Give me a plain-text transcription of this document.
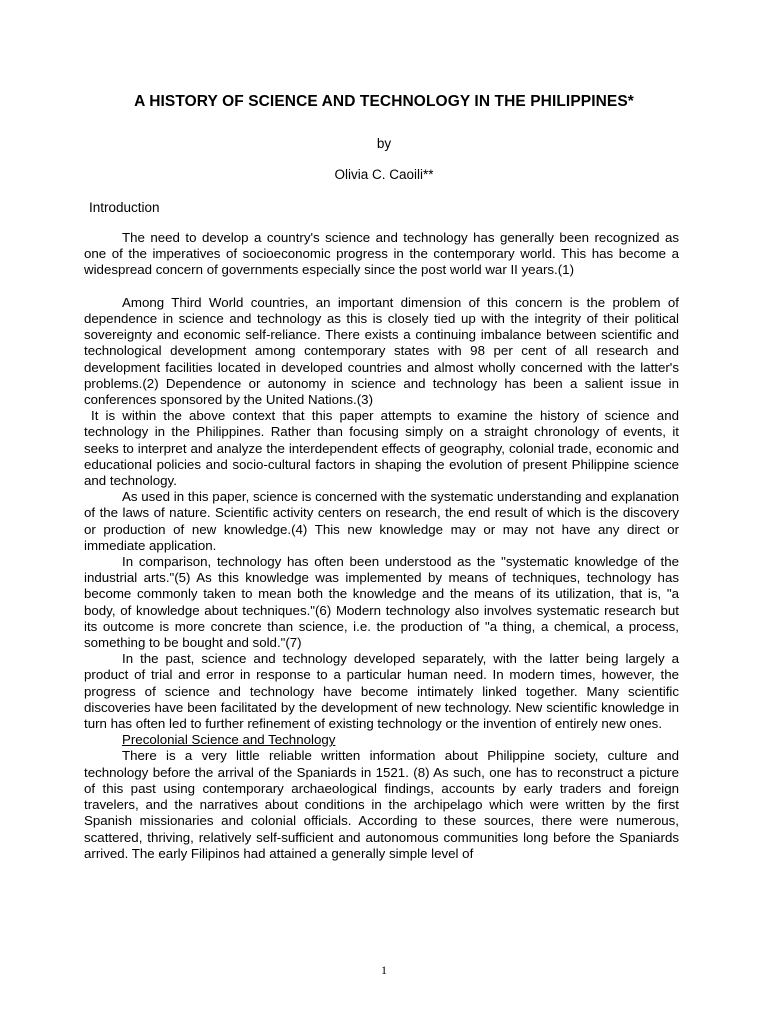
A HISTORY OF SCIENCE AND TECHNOLOGY IN THE PHILIPPINES*
by
Olivia C. Caoili**
Introduction

The need to develop a country's science and technology has generally been recognized as one of the imperatives of socioeconomic progress in the contemporary world. This has become a widespread concern of governments especially since the post world war II years.(1)

Among Third World countries, an important dimension of this concern is the problem of dependence in science and technology as this is closely tied up with the integrity of their political sovereignty and economic self-reliance. There exists a continuing imbalance between scientific and technological development among contemporary states with 98 per cent of all research and development facilities located in developed countries and almost wholly concerned with the latter's problems.(2) Dependence or autonomy in science and technology has been a salient issue in conferences sponsored by the United Nations.(3)

It is within the above context that this paper attempts to examine the history of science and technology in the Philippines. Rather than focusing simply on a straight chronology of events, it seeks to interpret and analyze the interdependent effects of geography, colonial trade, economic and educational policies and socio-cultural factors in shaping the evolution of present Philippine science and technology.

As used in this paper, science is concerned with the systematic understanding and explanation of the laws of nature. Scientific activity centers on research, the end result of which is the discovery or production of new knowledge.(4) This new knowledge may or may not have any direct or immediate application.

In comparison, technology has often been understood as the "systematic knowledge of the industrial arts."(5) As this knowledge was implemented by means of techniques, technology has become commonly taken to mean both the knowledge and the means of its utilization, that is, "a body, of knowledge about techniques."(6) Modern technology also involves systematic research but its outcome is more concrete than science, i.e. the production of "a thing, a chemical, a process, something to be bought and sold."(7)

In the past, science and technology developed separately, with the latter being largely a product of trial and error in response to a particular human need. In modern times, however, the progress of science and technology have become intimately linked together. Many scientific discoveries have been facilitated by the development of new technology. New scientific knowledge in turn has often led to further refinement of existing technology or the invention of entirely new ones.

Precolonial Science and Technology

There is a very little reliable written information about Philippine society, culture and technology before the arrival of the Spaniards in 1521. (8) As such, one has to reconstruct a picture of this past using contemporary archaeological findings, accounts by early traders and foreign travelers, and the narratives about conditions in the archipelago which were written by the first Spanish missionaries and colonial officials. According to these sources, there were numerous, scattered, thriving, relatively self-sufficient and autonomous communities long before the Spaniards arrived. The early Filipinos had attained a generally simple level of

1
